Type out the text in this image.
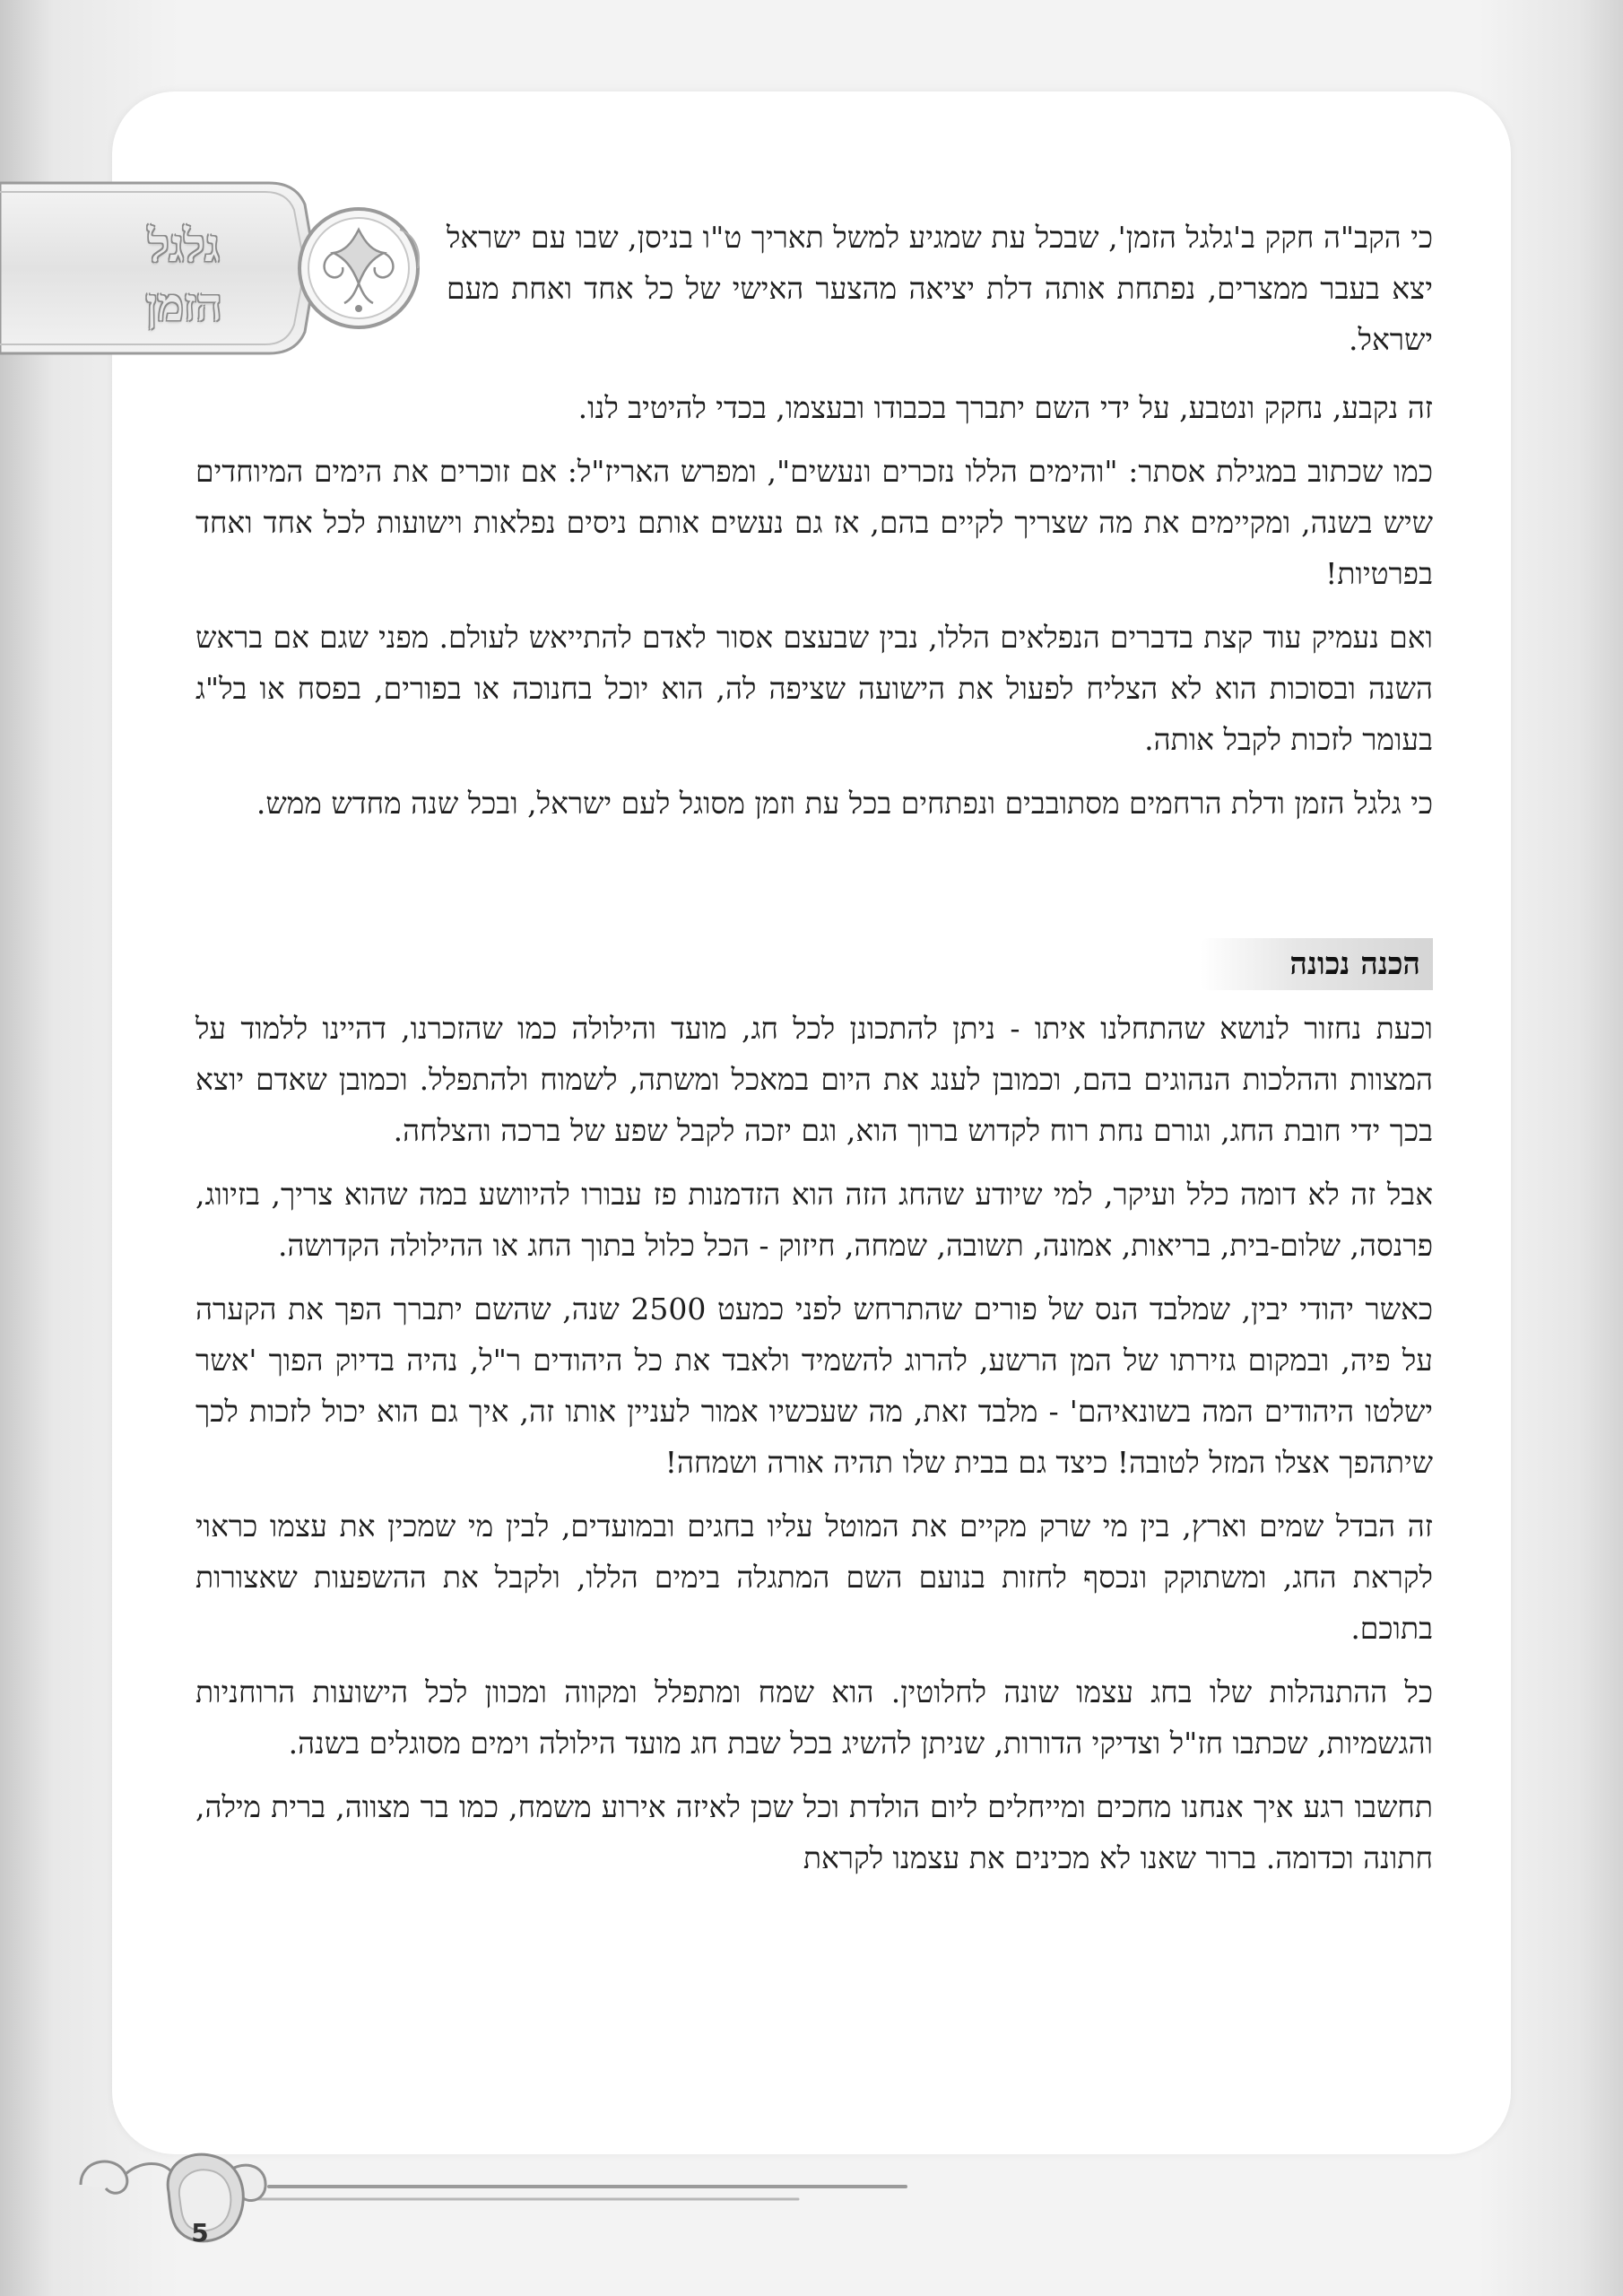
גלגל
הזמן

כי הקב"ה חקק ב'גלגל הזמן', שבכל עת שמגיע למשל תאריך ט"ו בניסן, שבו עם ישראל יצא בעבר ממצרים, נפתחת אותה דלת יציאה מהצער האישי של כל אחד ואחת מעם ישראל.

זה נקבע, נחקק ונטבע, על ידי השם יתברך בכבודו ובעצמו, בכדי להיטיב לנו.

כמו שכתוב במגילת אסתר: "והימים הללו נזכרים ונעשים", ומפרש האריז"ל: אם זוכרים את הימים המיוחדים שיש בשנה, ומקיימים את מה שצריך לקיים בהם, אז גם נעשים אותם ניסים נפלאות וישועות לכל אחד ואחד בפרטיות!

ואם נעמיק עוד קצת בדברים הנפלאים הללו, נבין שבעצם אסור לאדם להתייאש לעולם. מפני שגם אם בראש השנה ובסוכות הוא לא הצליח לפעול את הישועה שציפה לה, הוא יוכל בחנוכה או בפורים, בפסח או בל"ג בעומר לזכות לקבל אותה.

כי גלגל הזמן ודלת הרחמים מסתובבים ונפתחים בכל עת וזמן מסוגל לעם ישראל, ובכל שנה מחדש ממש.

הכנה נכונה

וכעת נחזור לנושא שהתחלנו איתו - ניתן להתכונן לכל חג, מועד והילולה כמו שהזכרנו, דהיינו ללמוד על המצוות וההלכות הנהוגים בהם, וכמובן לענג את היום במאכל ומשתה, לשמוח ולהתפלל. וכמובן שאדם יוצא בכך ידי חובת החג, וגורם נחת רוח לקדוש ברוך הוא, וגם יזכה לקבל שפע של ברכה והצלחה.

אבל זה לא דומה כלל ועיקר, למי שיודע שהחג הזה הוא הזדמנות פז עבורו להיוושע במה שהוא צריך, בזיווג, פרנסה, שלום-בית, בריאות, אמונה, תשובה, שמחה, חיזוק - הכל כלול בתוך החג או ההילולה הקדושה.

כאשר יהודי יבין, שמלבד הנס של פורים שהתרחש לפני כמעט 2500 שנה, שהשם יתברך הפך את הקערה על פיה, ובמקום גזירתו של המן הרשע, להרוג להשמיד ולאבד את כל היהודים ר"ל, נהיה בדיוק הפוך 'אשר ישלטו היהודים המה בשונאיהם' - מלבד זאת, מה שעכשיו אמור לעניין אותו זה, איך גם הוא יכול לזכות לכך שיתהפך אצלו המזל לטובה! כיצד גם בבית שלו תהיה אורה ושמחה!

זה הבדל שמים וארץ, בין מי שרק מקיים את המוטל עליו בחגים ובמועדים, לבין מי שמכין את עצמו כראוי לקראת החג, ומשתוקק ונכסף לחזות בנועם השם המתגלה בימים הללו, ולקבל את ההשפעות שאצורות בתוכם.

כל ההתנהלות שלו בחג עצמו שונה לחלוטין. הוא שמח ומתפלל ומקווה ומכוון לכל הישועות הרוחניות והגשמיות, שכתבו חז"ל וצדיקי הדורות, שניתן להשיג בכל שבת חג מועד הילולה וימים מסוגלים בשנה.

תחשבו רגע איך אנחנו מחכים ומייחלים ליום הולדת וכל שכן לאיזה אירוע משמח, כמו בר מצווה, ברית מילה, חתונה וכדומה. ברור שאנו לא מכינים את עצמנו לקראת

5
